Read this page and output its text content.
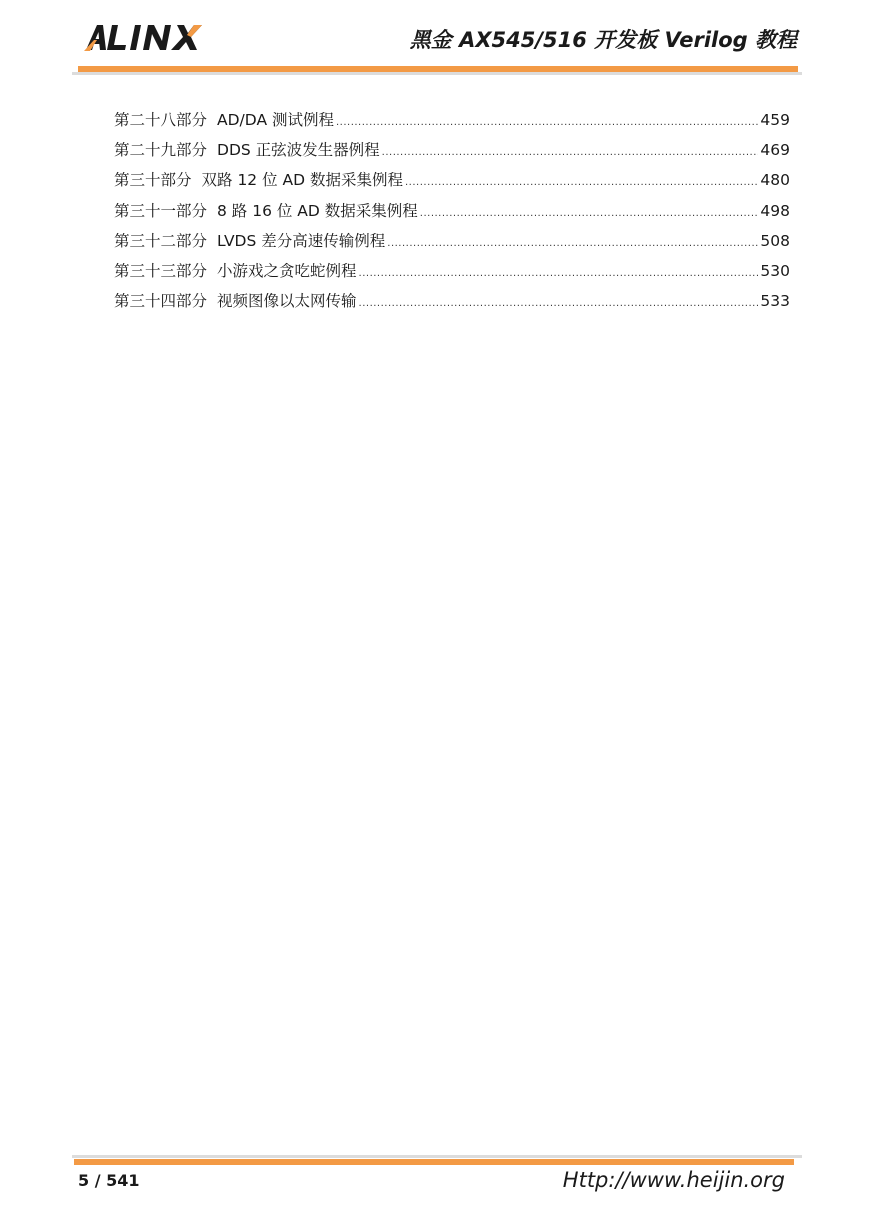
黑金 AX545/516 开发板 Verilog 教程
第二十八部分 AD/DA 测试例程 .....	459
第二十九部分 DDS 正弦波发生器例程 .....	469
第三十部分 双路 12 位 AD 数据采集例程 .....	480
第三十一部分 8 路 16 位 AD 数据采集例程 .....	498
第三十二部分 LVDS 差分高速传输例程 .....	508
第三十三部分 小游戏之贪吃蛇例程 .....	530
第三十四部分 视频图像以太网传输 .....	533
5 / 541	Http://www.heijin.org
